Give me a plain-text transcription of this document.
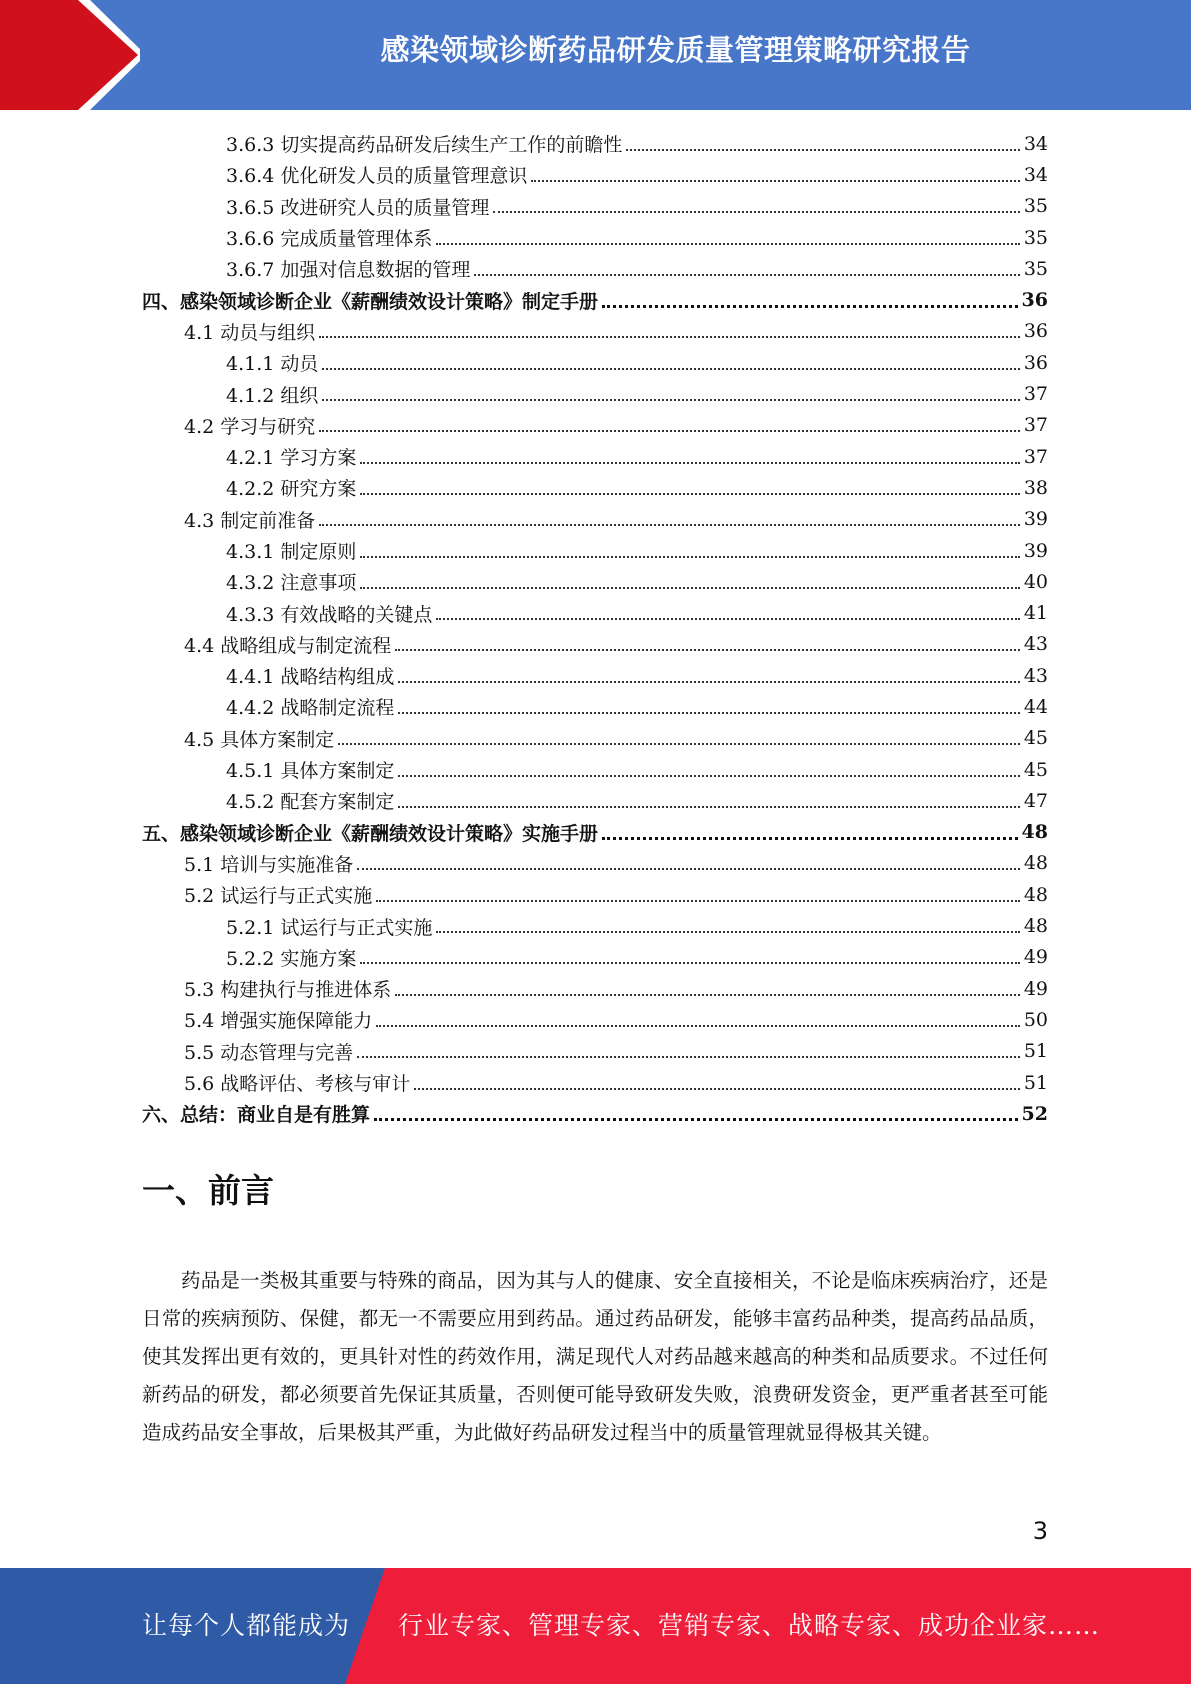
感染领域诊断药品研发质量管理策略研究报告
3.6.3 切实提高药品研发后续生产工作的前瞻性	34
3.6.4 优化研发人员的质量管理意识	34
3.6.5 改进研究人员的质量管理	35
3.6.6 完成质量管理体系	35
3.6.7 加强对信息数据的管理	35
四、感染领域诊断企业《薪酬绩效设计策略》制定手册	36
4.1 动员与组织	36
4.1.1 动员	36
4.1.2 组织	37
4.2 学习与研究	37
4.2.1 学习方案	37
4.2.2 研究方案	38
4.3 制定前准备	39
4.3.1 制定原则	39
4.3.2 注意事项	40
4.3.3 有效战略的关键点	41
4.4 战略组成与制定流程	43
4.4.1 战略结构组成	43
4.4.2 战略制定流程	44
4.5 具体方案制定	45
4.5.1 具体方案制定	45
4.5.2 配套方案制定	47
五、感染领域诊断企业《薪酬绩效设计策略》实施手册	48
5.1 培训与实施准备	48
5.2 试运行与正式实施	48
5.2.1 试运行与正式实施	48
5.2.2 实施方案	49
5.3 构建执行与推进体系	49
5.4 增强实施保障能力	50
5.5 动态管理与完善	51
5.6 战略评估、考核与审计	51
六、总结：商业自是有胜算	52
一、前言

药品是一类极其重要与特殊的商品，因为其与人的健康、安全直接相关，不论是临床疾病治疗，还是日常的疾病预防、保健，都无一不需要应用到药品。通过药品研发，能够丰富药品种类，提高药品品质，使其发挥出更有效的，更具针对性的药效作用，满足现代人对药品越来越高的种类和品质要求。不过任何新药品的研发，都必须要首先保证其质量，否则便可能导致研发失败，浪费研发资金，更严重者甚至可能造成药品安全事故，后果极其严重，为此做好药品研发过程当中的质量管理就显得极其关键。

3
让每个人都能成为 行业专家、管理专家、营销专家、战略专家、成功企业家……
